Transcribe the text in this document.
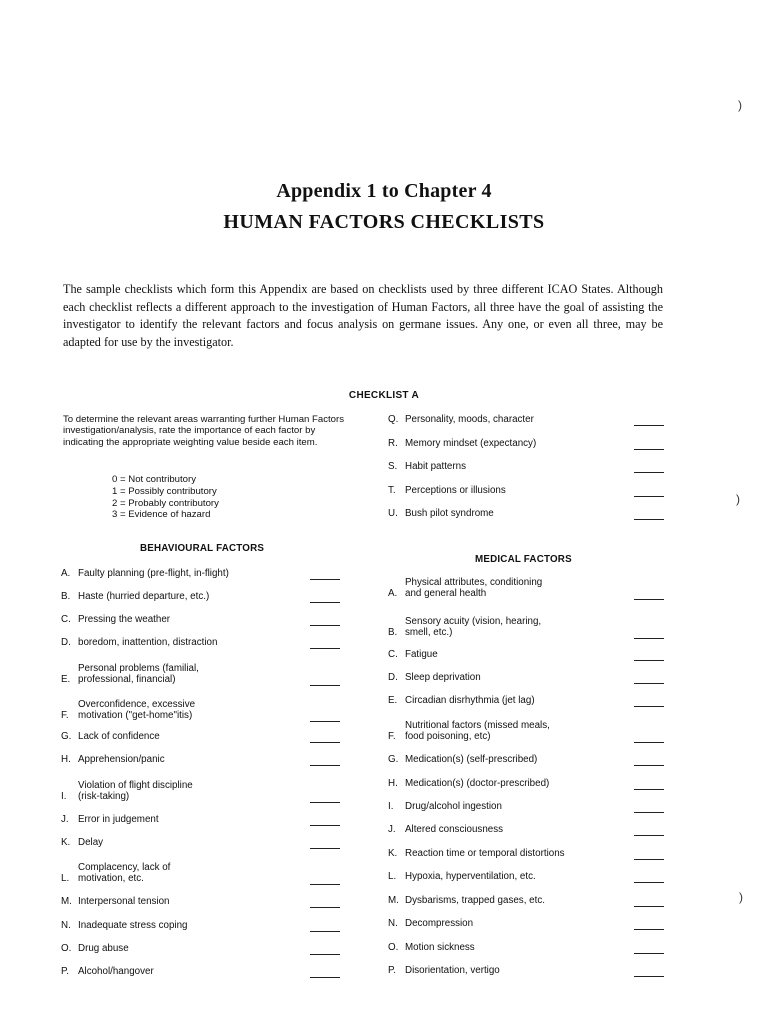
Appendix 1 to Chapter 4
HUMAN FACTORS CHECKLISTS
The sample checklists which form this Appendix are based on checklists used by three different ICAO States. Although each checklist reflects a different approach to the investigation of Human Factors, all three have the goal of assisting the investigator to identify the relevant factors and focus analysis on germane issues. Any one, or even all three, may be adapted for use by the investigator.
CHECKLIST A
To determine the relevant areas warranting further Human Factors investigation/analysis, rate the importance of each factor by indicating the appropriate weighting value beside each item.
0 = Not contributory
1 = Possibly contributory
2 = Probably contributory
3 = Evidence of hazard
BEHAVIOURAL FACTORS
MEDICAL FACTORS
A. Faulty planning (pre-flight, in-flight)
B. Haste (hurried departure, etc.)
C. Pressing the weather
D. boredom, inattention, distraction
E.
Personal problems (familial,
professional, financial)
F.
Overconfidence, excessive
motivation ("get-home"itis)
G. Lack of confidence
H. Apprehension/panic
I.
Violation of flight discipline
(risk-taking)
J. Error in judgement
K. Delay
L.
Complacency, lack of
motivation, etc.
M. Interpersonal tension
N. Inadequate stress coping
O. Drug abuse
P. Alcohol/hangover
Q. Personality, moods, character
R. Memory mindset (expectancy)
S. Habit patterns
T. Perceptions or illusions
U. Bush pilot syndrome
A.
Physical attributes, conditioning
and general health
B.
Sensory acuity (vision, hearing,
smell, etc.)
C. Fatigue
D. Sleep deprivation
E. Circadian disrhythmia (jet lag)
F.
Nutritional factors (missed meals,
food poisoning, etc)
G. Medication(s) (self-prescribed)
H. Medication(s) (doctor-prescribed)
I. Drug/alcohol ingestion
J. Altered consciousness
K. Reaction time or temporal distortions
L. Hypoxia, hyperventilation, etc.
M. Dysbarisms, trapped gases, etc.
N. Decompression
O. Motion sickness
P. Disorientation, vertigo
)
)
)
